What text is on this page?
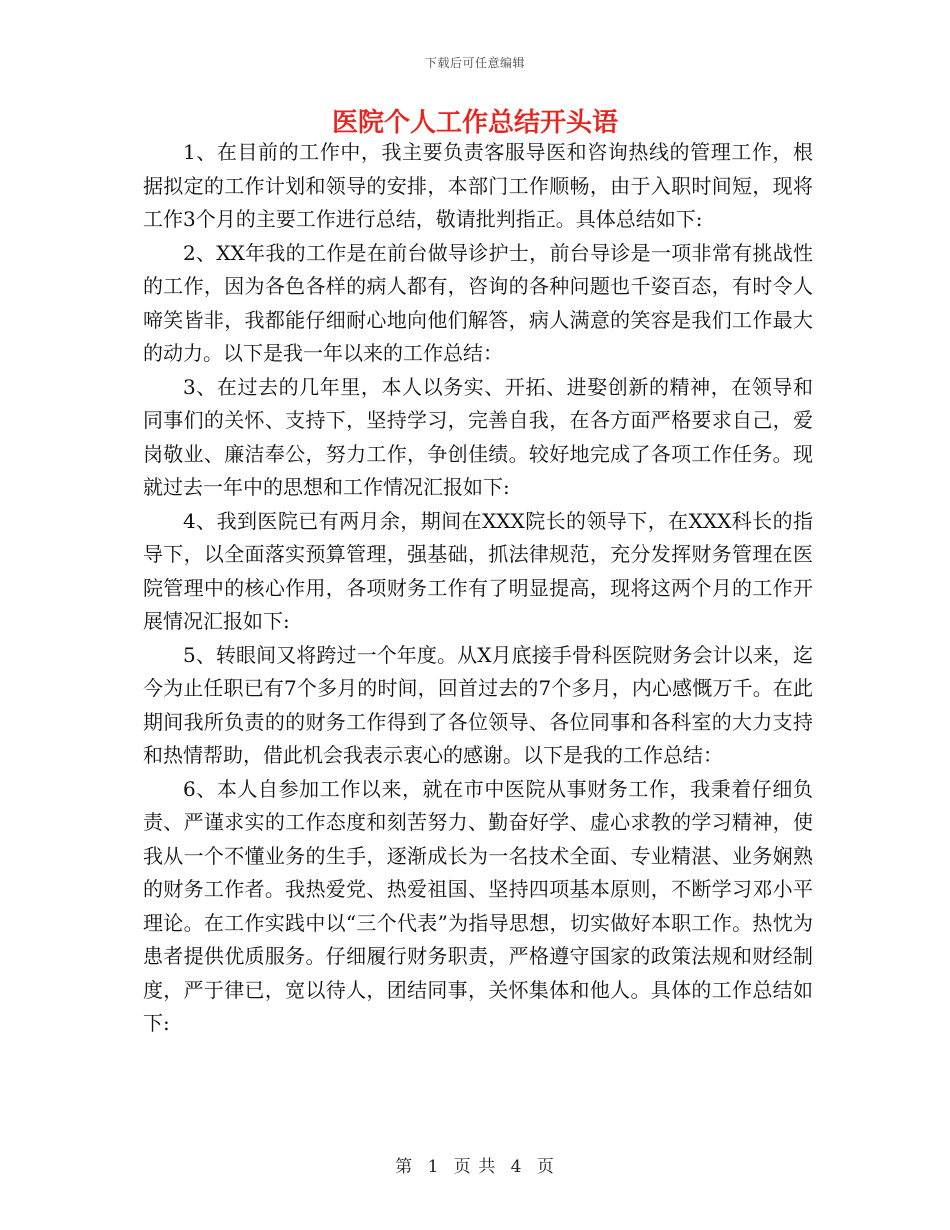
下载后可任意编辑
医院个人工作总结开头语

1、在目前的工作中，我主要负责客服导医和咨询热线的管理工作，根据拟定的工作计划和领导的安排，本部门工作顺畅，由于入职时间短，现将工作3个月的主要工作进行总结，敬请批判指正。具体总结如下:

2、XX年我的工作是在前台做导诊护士，前台导诊是一项非常有挑战性的工作，因为各色各样的病人都有，咨询的各种问题也千姿百态，有时令人啼笑皆非，我都能仔细耐心地向他们解答，病人满意的笑容是我们工作最大的动力。以下是我一年以来的工作总结：

3、在过去的几年里，本人以务实、开拓、进娶创新的精神，在领导和同事们的关怀、支持下，坚持学习，完善自我，在各方面严格要求自己，爱岗敬业、廉洁奉公，努力工作，争创佳绩。较好地完成了各项工作任务。现就过去一年中的思想和工作情况汇报如下:

4、我到医院已有两月余，期间在XXX院长的领导下，在XXX科长的指导下，以全面落实预算管理，强基础，抓法律规范，充分发挥财务管理在医院管理中的核心作用，各项财务工作有了明显提高，现将这两个月的工作开展情况汇报如下:

5、转眼间又将跨过一个年度。从X月底接手骨科医院财务会计以来，迄今为止任职已有7个多月的时间，回首过去的7个多月，内心感慨万千。在此期间我所负责的的财务工作得到了各位领导、各位同事和各科室的大力支持和热情帮助，借此机会我表示衷心的感谢。以下是我的工作总结：

6、本人自参加工作以来，就在市中医院从事财务工作，我秉着仔细负责、严谨求实的工作态度和刻苦努力、勤奋好学、虚心求教的学习精神，使我从一个不懂业务的生手，逐渐成长为一名技术全面、专业精湛、业务娴熟的财务工作者。我热爱党、热爱祖国、坚持四项基本原则，不断学习邓小平理论。在工作实践中以“三个代表”为指导思想，切实做好本职工作。热忱为患者提供优质服务。仔细履行财务职责，严格遵守国家的政策法规和财经制度，严于律已，宽以待人，团结同事，关怀集体和他人。具体的工作总结如下:

第 1 页 共 4 页
